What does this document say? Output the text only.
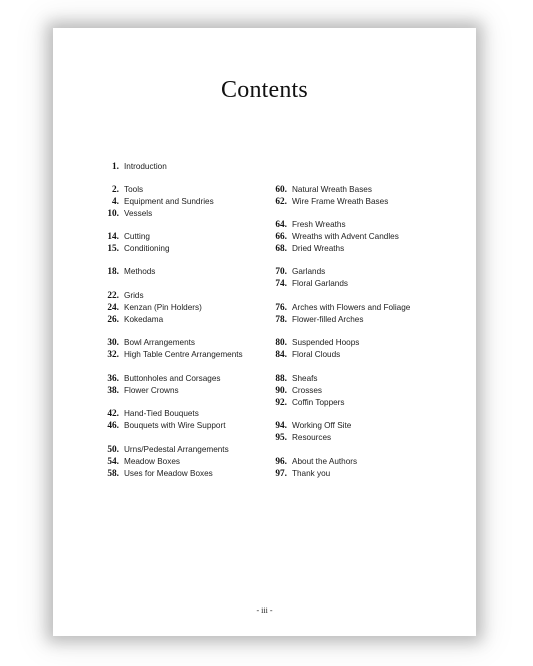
Contents
1. Introduction
2. Tools
4. Equipment and Sundries
10. Vessels
14. Cutting
15. Conditioning
18. Methods
22. Grids
24. Kenzan (Pin Holders)
26. Kokedama
30. Bowl Arrangements
32. High Table Centre Arrangements
36. Buttonholes and Corsages
38. Flower Crowns
42. Hand-Tied Bouquets
46. Bouquets with Wire Support
50. Urns/Pedestal Arrangements
54. Meadow Boxes
58. Uses for Meadow Boxes
60. Natural Wreath Bases
62. Wire Frame Wreath Bases
64. Fresh Wreaths
66. Wreaths with Advent Candles
68. Dried Wreaths
70. Garlands
74. Floral Garlands
76. Arches with Flowers and Foliage
78. Flower-filled Arches
80. Suspended Hoops
84. Floral Clouds
88. Sheafs
90. Crosses
92. Coffin Toppers
94. Working Off Site
95. Resources
96. About the Authors
97. Thank you
- iii -
